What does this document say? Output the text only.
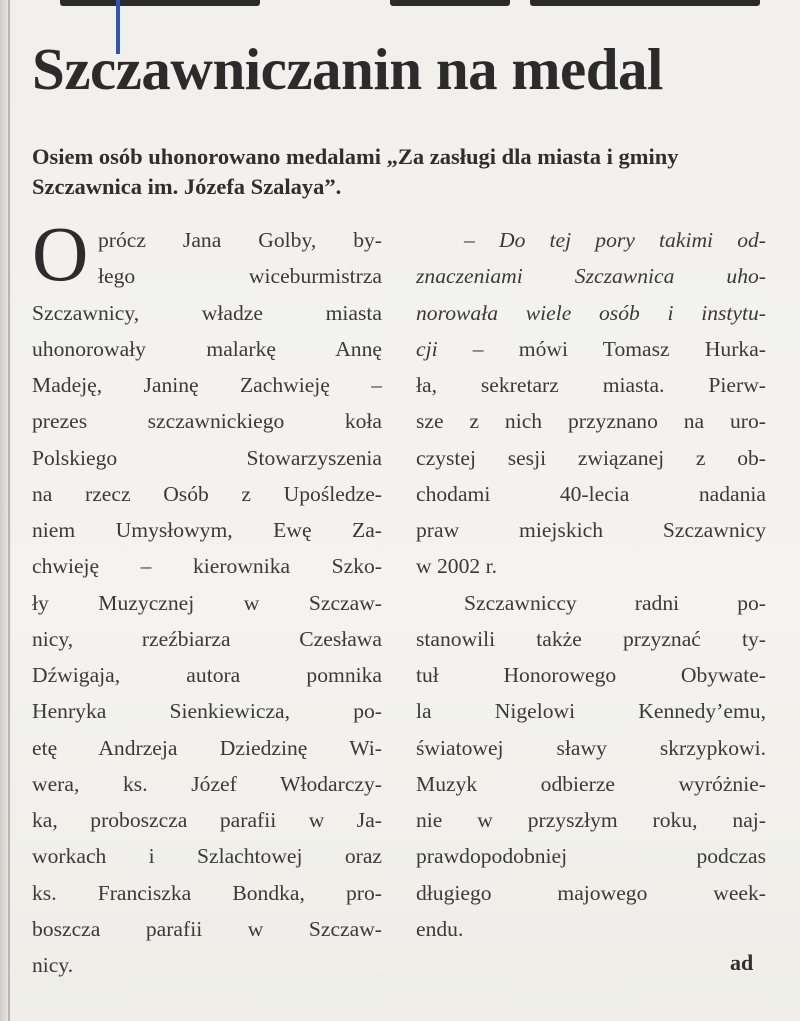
Szczawniczanin na medal

Osiem osób uhonorowano medalami „Za zasługi dla miasta i gminy Szczawnica im. Józefa Szalaya”.

O prócz Jana Golby, by-
łego wiceburmistrza
Szczawnicy, władze miasta
uhonorowały malarkę Annę
Madeję, Janinę Zachwieję –
prezes szczawnickiego koła
Polskiego Stowarzyszenia
na rzecz Osób z Upośledze-
niem Umysłowym, Ewę Za-
chwieję – kierownika Szko-
ły Muzycznej w Szczaw-
nicy, rzeźbiarza Czesława
Dźwigaja, autora pomnika
Henryka Sienkiewicza, po-
etę Andrzeja Dziedzinę Wi-
wera, ks. Józef Włodarczy-
ka, proboszcza parafii w Ja-
workach i Szlachtowej oraz
ks. Franciszka Bondka, pro-
boszcza parafii w Szczaw-
nicy.
– Do tej pory takimi od-
znaczeniami Szczawnica uho-
norowała wiele osób i instytu-
cji – mówi Tomasz Hurka-
ła, sekretarz miasta. Pierw-
sze z nich przyznano na uro-
czystej sesji związanej z ob-
chodami 40-lecia nadania
praw miejskich Szczawnicy
w 2002 r.
Szczawniccy radni po-
stanowili także przyznać ty-
tuł Honorowego Obywate-
la Nigelowi Kennedy’emu,
światowej sławy skrzypkowi.
Muzyk odbierze wyróżnie-
nie w przyszłym roku, naj-
prawdopodobniej podczas
długiego majowego week-
endu.
ad
